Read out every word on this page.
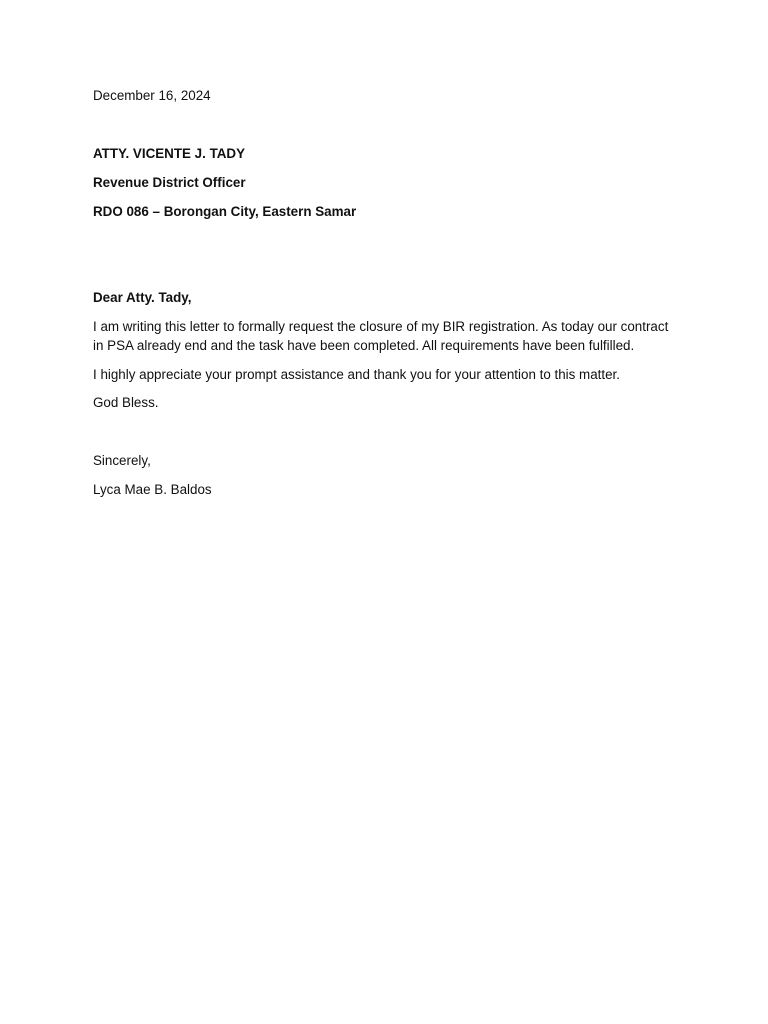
December 16, 2024

ATTY. VICENTE J. TADY

Revenue District Officer

RDO 086 – Borongan City, Eastern Samar

Dear Atty. Tady,

I am writing this letter to formally request the closure of my BIR registration. As today our contract in PSA already end and the task have been completed. All requirements have been fulfilled.

I highly appreciate your prompt assistance and thank you for your attention to this matter.

God Bless.

Sincerely,

Lyca Mae B. Baldos
